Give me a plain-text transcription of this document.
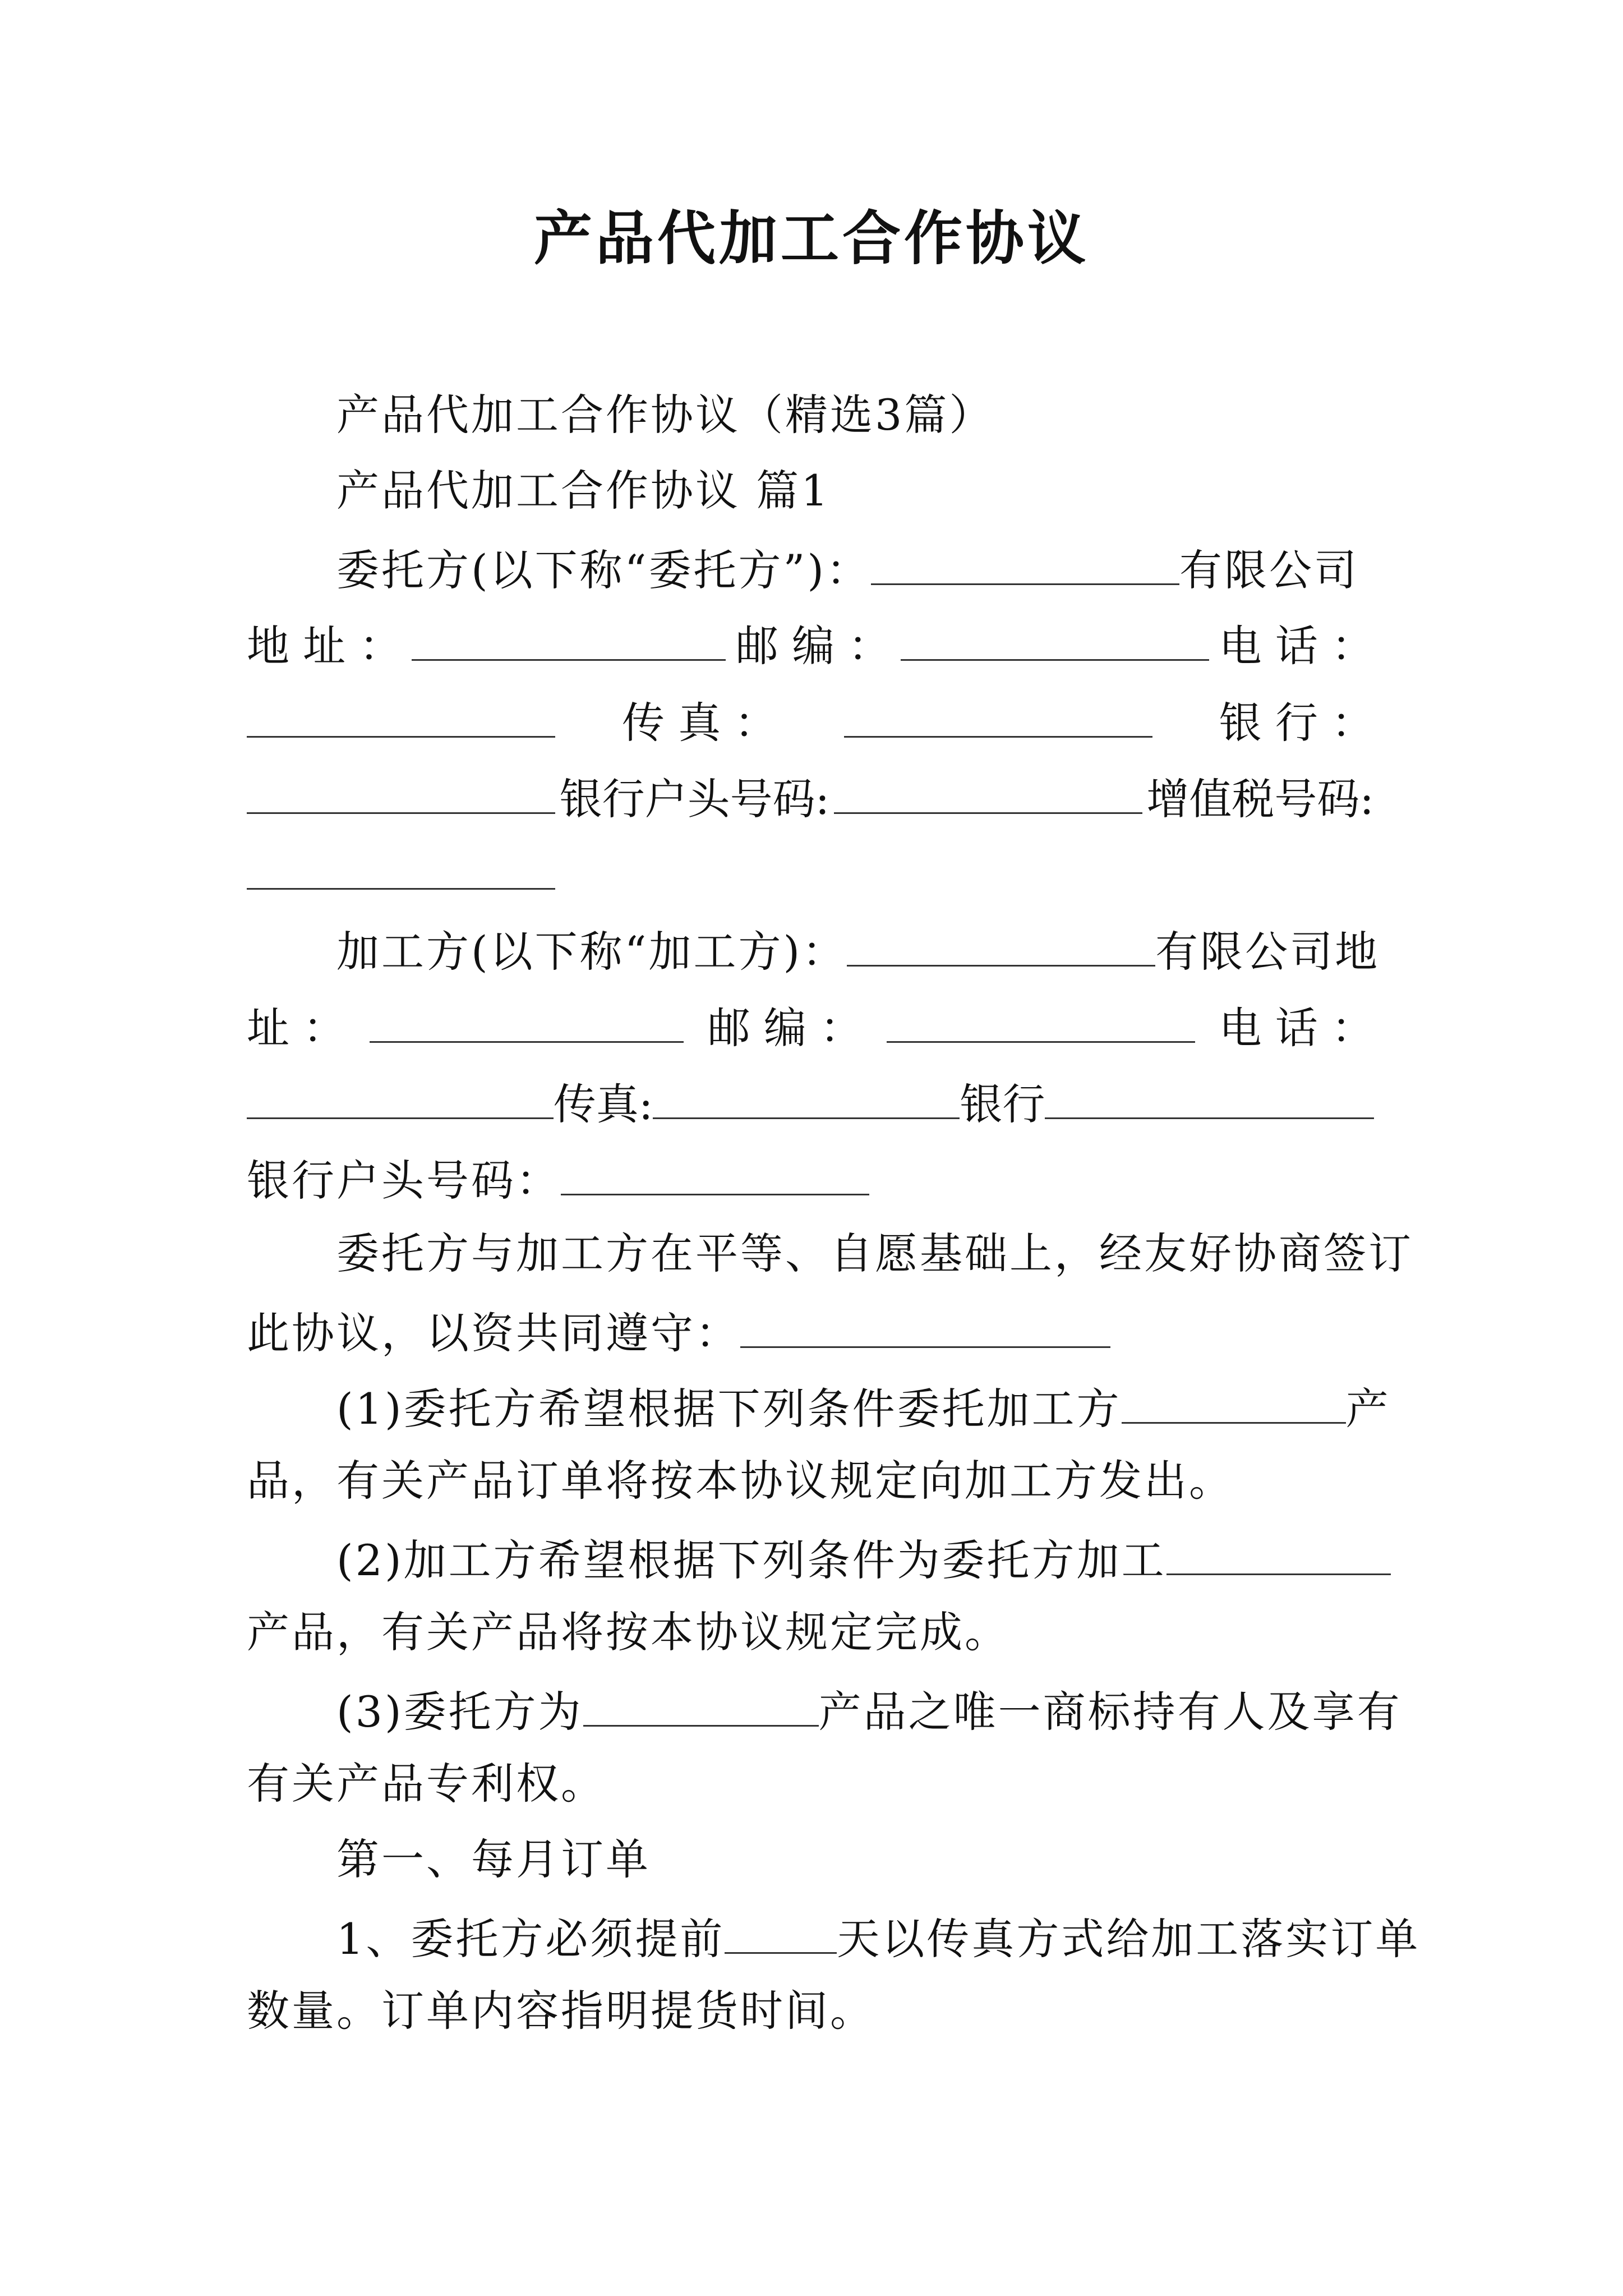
产品代加工合作协议
产品代加工合作协议（精选3篇）
产品代加工合作协议 篇1
委托方(以下称“委托方”)：	有限公司
地 址 ：	邮 编 ：	电 话 ：
传 真 ：	银 行 ：
银行户头号码:	增值税号码:
加工方(以下称“加工方)：	有限公司地
址 ：	邮 编 ：	电 话 ：
传真:	银行
银行户头号码：
委托方与加工方在平等、自愿基础上，经友好协商签订
此协议，以资共同遵守：
(1)委托方希望根据下列条件委托加工方	产
品，有关产品订单将按本协议规定向加工方发出。
(2)加工方希望根据下列条件为委托方加工
产品，有关产品将按本协议规定完成。
(3)委托方为	产品之唯一商标持有人及享有
有关产品专利权。
第一、每月订单
1、委托方必须提前	天以传真方式给加工落实订单
数量。订单内容指明提货时间。
